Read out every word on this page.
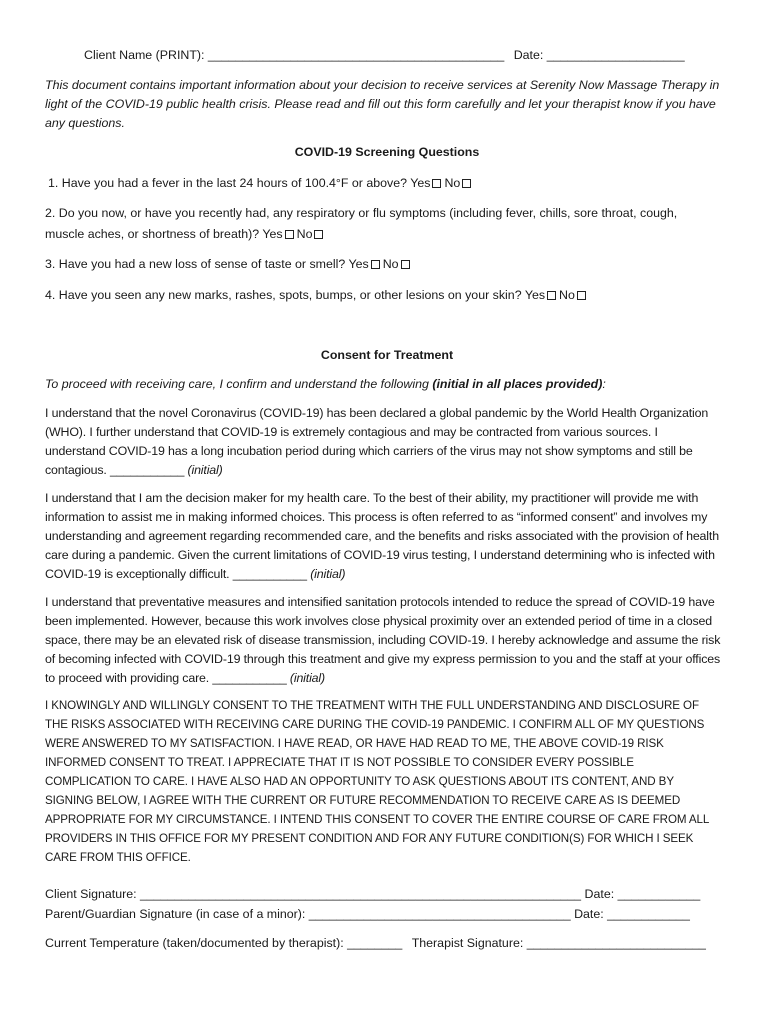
Client Name (PRINT): ___________________________________________ Date: ____________________

This document contains important information about your decision to receive services at Serenity Now Massage Therapy in light of the COVID-19 public health crisis. Please read and fill out this form carefully and let your therapist know if you have any questions.

COVID-19 Screening Questions

1. Have you had a fever in the last 24 hours of 100.4°F or above? Yes No

2. Do you now, or have you recently had, any respiratory or flu symptoms (including fever, chills, sore throat, cough, muscle aches, or shortness of breath)? Yes No

3. Have you had a new loss of sense of taste or smell? Yes No

4. Have you seen any new marks, rashes, spots, bumps, or other lesions on your skin? Yes No

Consent for Treatment

To proceed with receiving care, I confirm and understand the following (initial in all places provided):

I understand that the novel Coronavirus (COVID-19) has been declared a global pandemic by the World Health Organization (WHO). I further understand that COVID-19 is extremely contagious and may be contracted from various sources. I understand COVID-19 has a long incubation period during which carriers of the virus may not show symptoms and still be contagious. ___________ (initial)

I understand that I am the decision maker for my health care. To the best of their ability, my practitioner will provide me with information to assist me in making informed choices. This process is often referred to as “informed consent” and involves my understanding and agreement regarding recommended care, and the benefits and risks associated with the provision of health care during a pandemic. Given the current limitations of COVID-19 virus testing, I understand determining who is infected with COVID-19 is exceptionally difficult. ___________ (initial)

I understand that preventative measures and intensified sanitation protocols intended to reduce the spread of COVID-19 have been implemented. However, because this work involves close physical proximity over an extended period of time in a closed space, there may be an elevated risk of disease transmission, including COVID-19. I hereby acknowledge and assume the risk of becoming infected with COVID-19 through this treatment and give my express permission to you and the staff at your offices to proceed with providing care. ___________ (initial)

I KNOWINGLY AND WILLINGLY CONSENT TO THE TREATMENT WITH THE FULL UNDERSTANDING AND DISCLOSURE OF THE RISKS ASSOCIATED WITH RECEIVING CARE DURING THE COVID-19 PANDEMIC. I CONFIRM ALL OF MY QUESTIONS WERE ANSWERED TO MY SATISFACTION. I HAVE READ, OR HAVE HAD READ TO ME, THE ABOVE COVID-19 RISK INFORMED CONSENT TO TREAT. I APPRECIATE THAT IT IS NOT POSSIBLE TO CONSIDER EVERY POSSIBLE COMPLICATION TO CARE. I HAVE ALSO HAD AN OPPORTUNITY TO ASK QUESTIONS ABOUT ITS CONTENT, AND BY SIGNING BELOW, I AGREE WITH THE CURRENT OR FUTURE RECOMMENDATION TO RECEIVE CARE AS IS DEEMED APPROPRIATE FOR MY CIRCUMSTANCE. I INTEND THIS CONSENT TO COVER THE ENTIRE COURSE OF CARE FROM ALL PROVIDERS IN THIS OFFICE FOR MY PRESENT CONDITION AND FOR ANY FUTURE CONDITION(S) FOR WHICH I SEEK CARE FROM THIS OFFICE.

Client Signature: ________________________________________________________________ Date: ____________

Parent/Guardian Signature (in case of a minor): ______________________________________ Date: ____________

Current Temperature (taken/documented by therapist): ________ Therapist Signature: __________________________
